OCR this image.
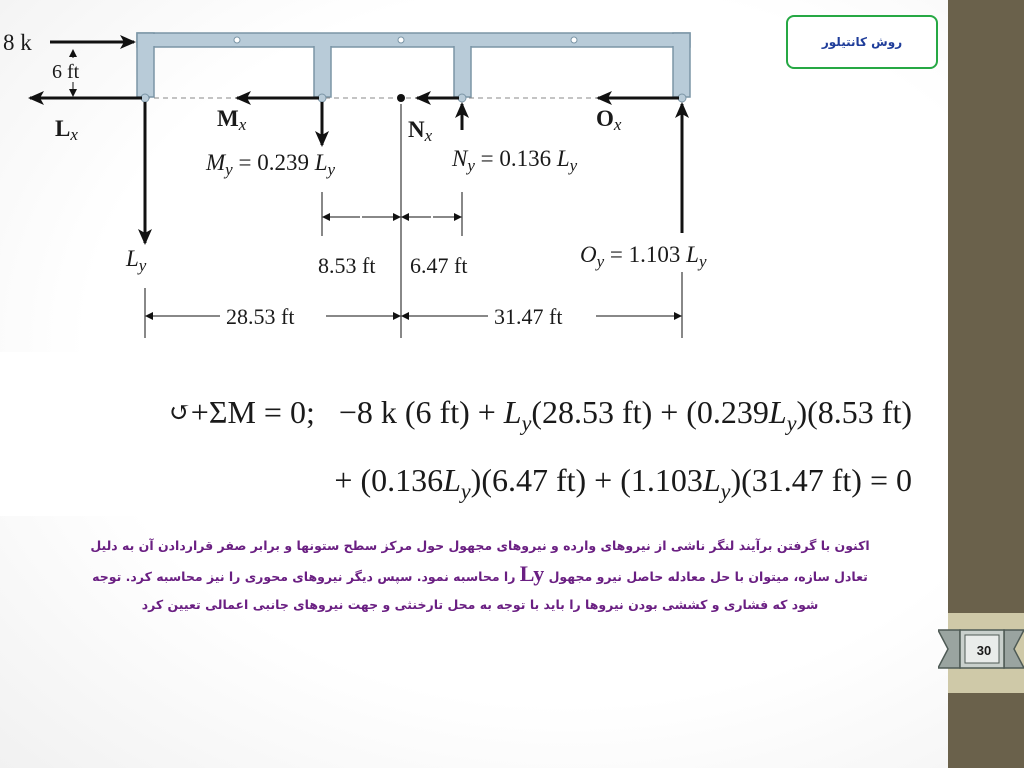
8 k
6 ft
Lx
Mx	Nx
Ox
$M_y = 0.239$ $L_y$	$N_y = 0.136$ $L_y$
$O_y = 1.103$ $L_y$
$L_y$	8.53 ft 6.47 ft
28.53 ft	31.47 ft
روش کانتیلور
↺+ΣM = 0; −8 k (6 $ft) + L_y(28.53$ $ft) + (0.239L_y)(8.53$ ft)
+ $(0.136L_y)(6.47$ $ft) + (1.103L_y)(31.47$ ft) = 0
اکنون با گرفتن برآیند لنگر ناشی از نیروهای وارده و نیروهای مجهول حول مرکز سطح ستونها و برابر صفر قراردادن آن به دلیل تعادل سازه، میتوان با حل معادله حاصل نیرو مجهول Ly را محاسبه نمود. سپس دیگر نیروهای محوری را نیز محاسبه کرد. توجه شود که فشاری و کششی بودن نیروها را باید با توجه به محل تارخنثی و جهت نیروهای جانبی اعمالی تعیین کرد
30
